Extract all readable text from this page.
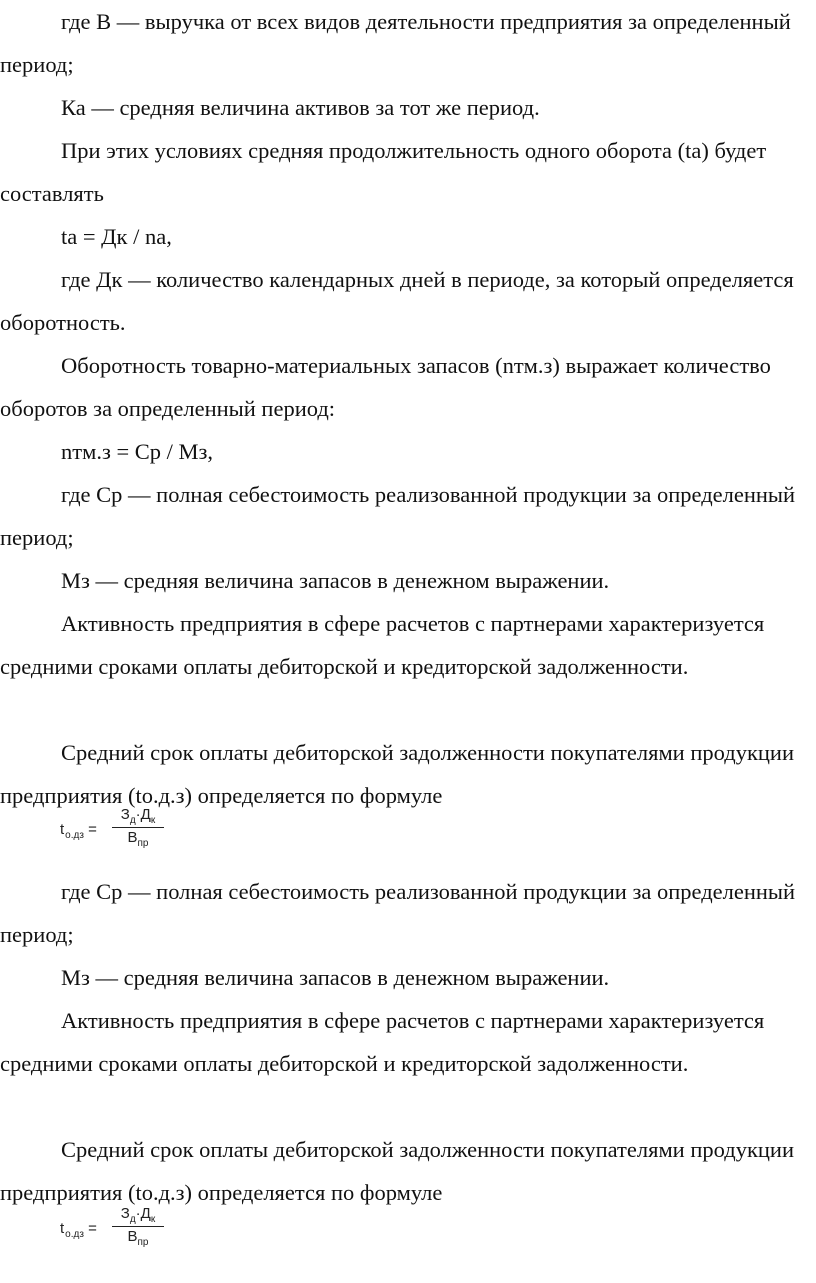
где В — выручка от всех видов деятельности предприятия за определенный период;

Ка — средняя величина активов за тот же период.

При этих условиях средняя продолжительность одного оборота (tа) будет составлять

tа = Дк / nа,

где Дк — количество календарных дней в периоде, за который определяется оборотность.

Оборотность товарно-материальных запасов (nтм.з) выражает количество оборотов за определенный период:

nтм.з = Ср / Мз,

где Ср — полная себестоимость реализованной продукции за определенный период;

Мз — средняя величина запасов в денежном выражении.

Активность предприятия в сфере расчетов с партнерами характеризуется средними сроками оплаты дебиторской и кредиторской задолженности.

Средний срок оплаты дебиторской задолженности покупателями продукции предприятия (tо.д.з) определяется по формуле

$t_{о.дз}$ =
$З_д\cdot Д_к$
$В_{пр}$

где Ср — полная себестоимость реализованной продукции за определенный период;

Мз — средняя величина запасов в денежном выражении.

Активность предприятия в сфере расчетов с партнерами характеризуется средними сроками оплаты дебиторской и кредиторской задолженности.

Средний срок оплаты дебиторской задолженности покупателями продукции предприятия (tо.д.з) определяется по формуле

$t_{о.дз}$ =
$З_д\cdot Д_к$
$В_{пр}$
